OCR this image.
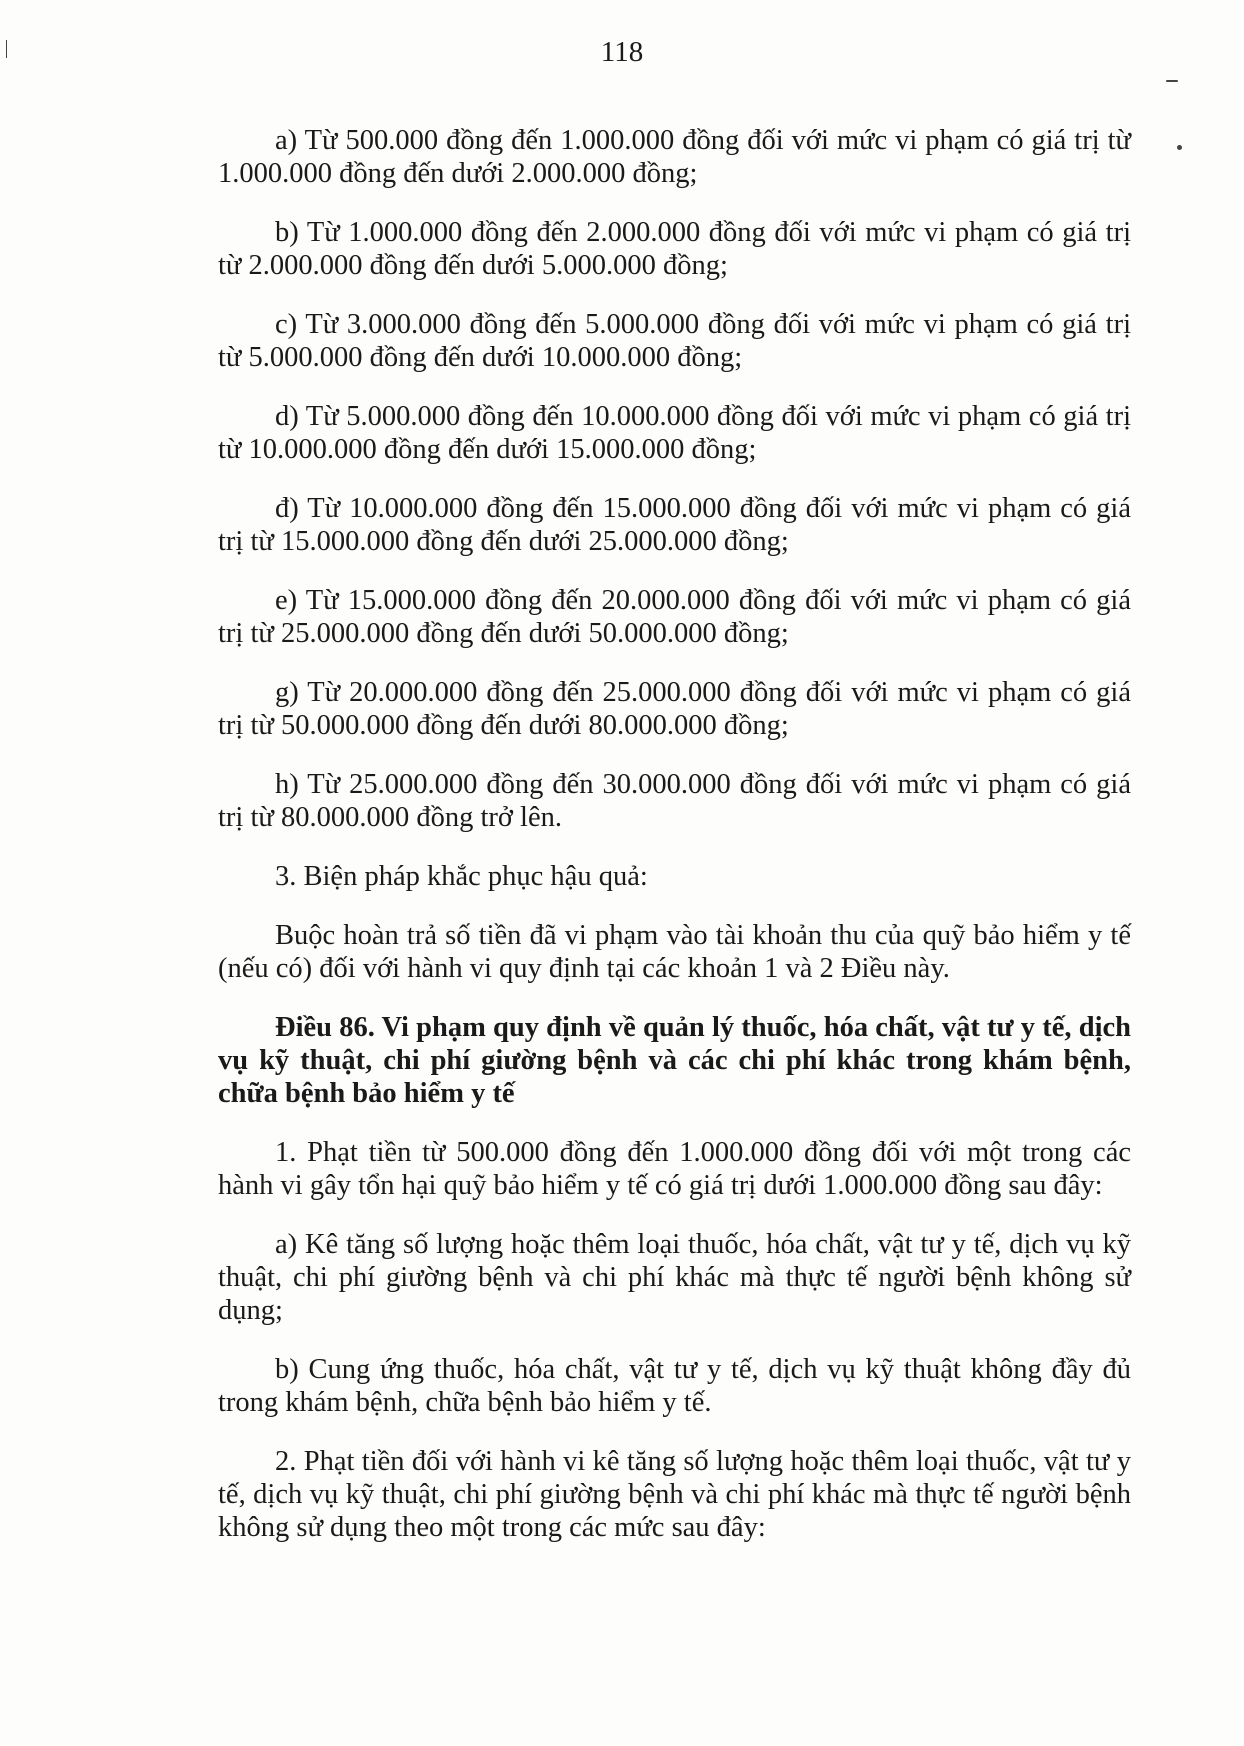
118

a) Từ 500.000 đồng đến 1.000.000 đồng đối với mức vi phạm có giá trị từ 1.000.000 đồng đến dưới 2.000.000 đồng;

b) Từ 1.000.000 đồng đến 2.000.000 đồng đối với mức vi phạm có giá trị từ 2.000.000 đồng đến dưới 5.000.000 đồng;

c) Từ 3.000.000 đồng đến 5.000.000 đồng đối với mức vi phạm có giá trị từ 5.000.000 đồng đến dưới 10.000.000 đồng;

d) Từ 5.000.000 đồng đến 10.000.000 đồng đối với mức vi phạm có giá trị từ 10.000.000 đồng đến dưới 15.000.000 đồng;

đ) Từ 10.000.000 đồng đến 15.000.000 đồng đối với mức vi phạm có giá trị từ 15.000.000 đồng đến dưới 25.000.000 đồng;

e) Từ 15.000.000 đồng đến 20.000.000 đồng đối với mức vi phạm có giá trị từ 25.000.000 đồng đến dưới 50.000.000 đồng;

g) Từ 20.000.000 đồng đến 25.000.000 đồng đối với mức vi phạm có giá trị từ 50.000.000 đồng đến dưới 80.000.000 đồng;

h) Từ 25.000.000 đồng đến 30.000.000 đồng đối với mức vi phạm có giá trị từ 80.000.000 đồng trở lên.

3. Biện pháp khắc phục hậu quả:

Buộc hoàn trả số tiền đã vi phạm vào tài khoản thu của quỹ bảo hiểm y tế (nếu có) đối với hành vi quy định tại các khoản 1 và 2 Điều này.

Điều 86. Vi phạm quy định về quản lý thuốc, hóa chất, vật tư y tế, dịch vụ kỹ thuật, chi phí giường bệnh và các chi phí khác trong khám bệnh, chữa bệnh bảo hiểm y tế

1. Phạt tiền từ 500.000 đồng đến 1.000.000 đồng đối với một trong các hành vi gây tổn hại quỹ bảo hiểm y tế có giá trị dưới 1.000.000 đồng sau đây:

a) Kê tăng số lượng hoặc thêm loại thuốc, hóa chất, vật tư y tế, dịch vụ kỹ thuật, chi phí giường bệnh và chi phí khác mà thực tế người bệnh không sử dụng;

b) Cung ứng thuốc, hóa chất, vật tư y tế, dịch vụ kỹ thuật không đầy đủ trong khám bệnh, chữa bệnh bảo hiểm y tế.

2. Phạt tiền đối với hành vi kê tăng số lượng hoặc thêm loại thuốc, vật tư y tế, dịch vụ kỹ thuật, chi phí giường bệnh và chi phí khác mà thực tế người bệnh không sử dụng theo một trong các mức sau đây:
